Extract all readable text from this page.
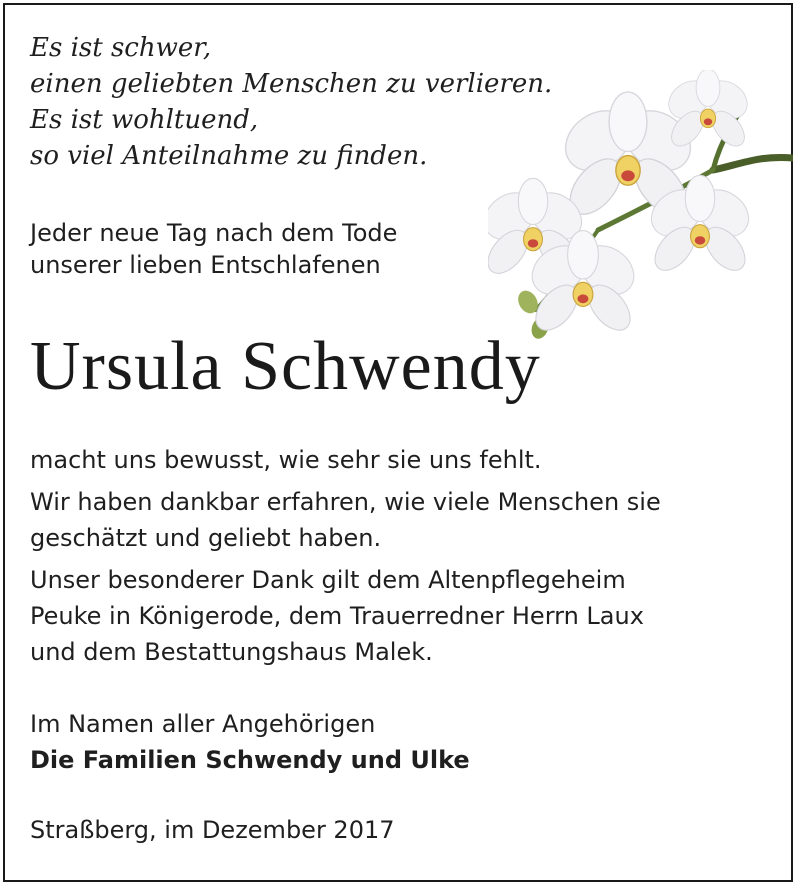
Es ist schwer,
einen geliebten Menschen zu verlieren.
Es ist wohltuend,
so viel Anteilnahme zu finden.
Jeder neue Tag nach dem Tode
unserer lieben Entschlafenen
Ursula Schwendy

macht uns bewusst, wie sehr sie uns fehlt.

Wir haben dankbar erfahren, wie viele Menschen sie
geschätzt und geliebt haben.

Unser besonderer Dank gilt dem Altenpflegeheim
Peuke in Königerode, dem Trauerredner Herrn Laux
und dem Bestattungshaus Malek.

Im Namen aller Angehörigen
Die Familien Schwendy und Ulke
Straßberg, im Dezember 2017
